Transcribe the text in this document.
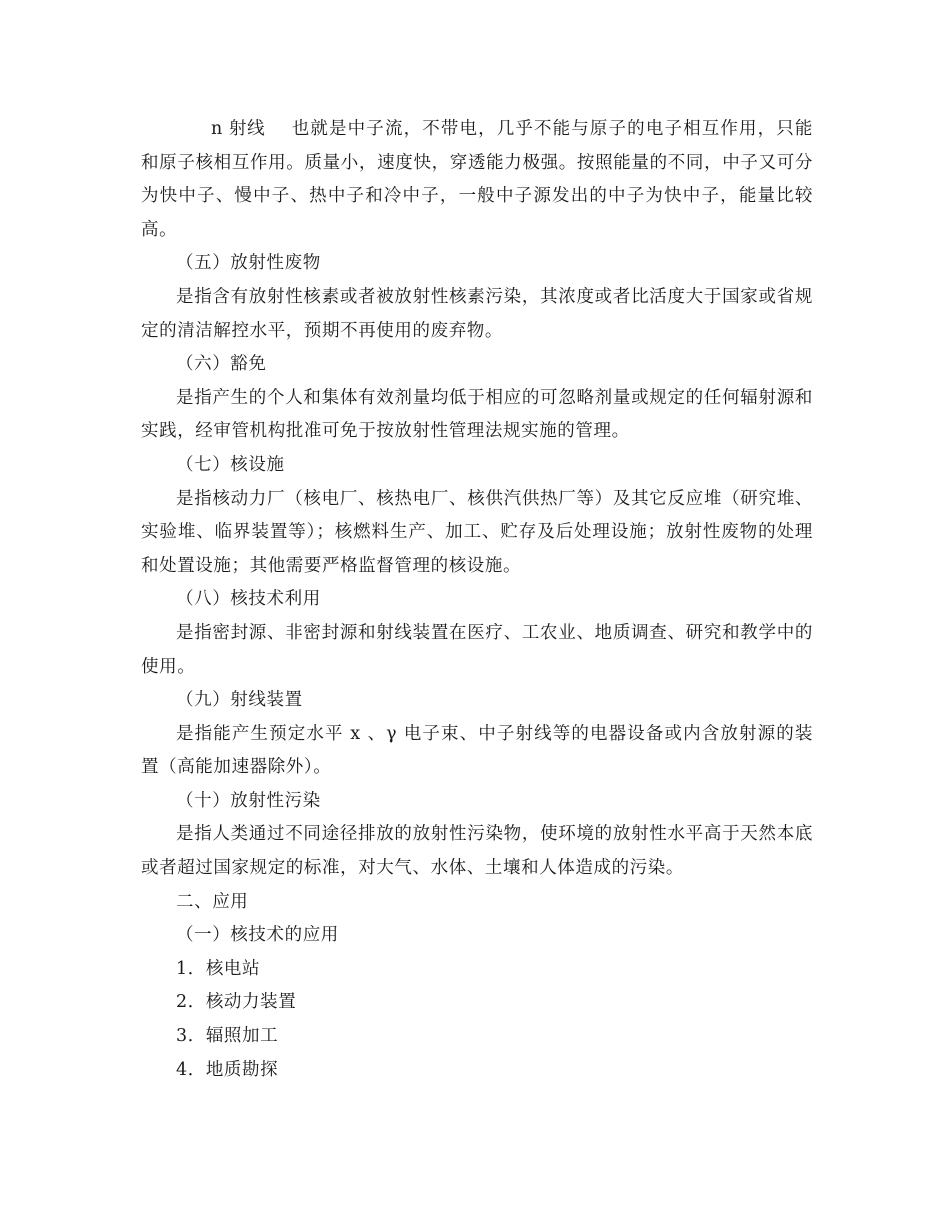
n 射线 也就是中子流，不带电，几乎不能与原子的电子相互作用，只能和原子核相互作用。质量小，速度快，穿透能力极强。按照能量的不同，中子又可分为快中子、慢中子、热中子和冷中子，一般中子源发出的中子为快中子，能量比较高。

（五）放射性废物

是指含有放射性核素或者被放射性核素污染，其浓度或者比活度大于国家或省规定的清洁解控水平，预期不再使用的废弃物。

（六）豁免

是指产生的个人和集体有效剂量均低于相应的可忽略剂量或规定的任何辐射源和实践，经审管机构批准可免于按放射性管理法规实施的管理。

（七）核设施

是指核动力厂（核电厂、核热电厂、核供汽供热厂等）及其它反应堆（研究堆、实验堆、临界装置等）；核燃料生产、加工、贮存及后处理设施；放射性废物的处理和处置设施；其他需要严格监督管理的核设施。

（八）核技术利用

是指密封源、非密封源和射线装置在医疗、工农业、地质调查、研究和教学中的使用。

（九）射线装置

是指能产生预定水平 x 、γ 电子束、中子射线等的电器设备或内含放射源的装置（高能加速器除外）。

（十）放射性污染

是指人类通过不同途径排放的放射性污染物，使环境的放射性水平高于天然本底或者超过国家规定的标准，对大气、水体、土壤和人体造成的污染。

二、应用

（一）核技术的应用

1．核电站

2．核动力装置

3．辐照加工

4．地质勘探
